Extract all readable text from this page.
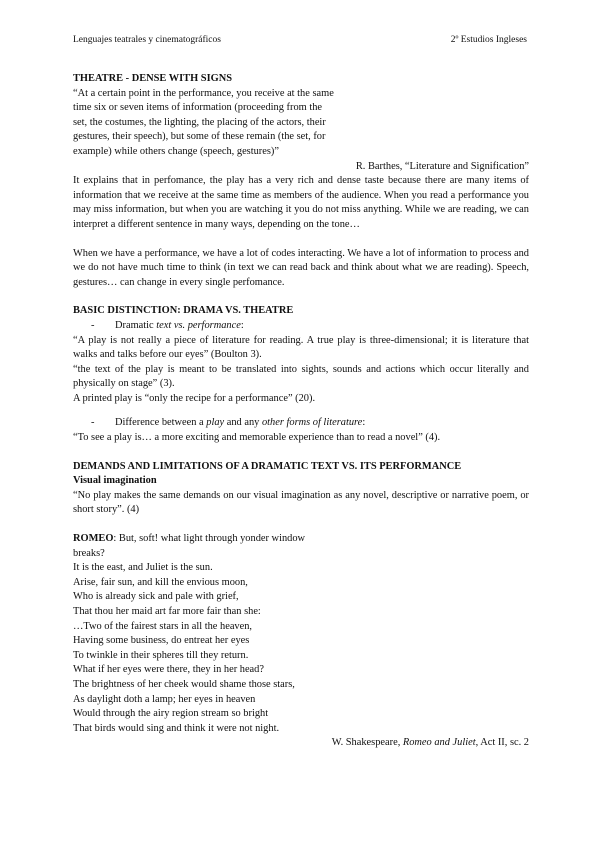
Lenguajes teatrales y cinematográficos	2º Estudios Ingleses

THEATRE - DENSE WITH SIGNS

“At a certain point in the performance, you receive at the same time six or seven items of information (proceeding from the set, the costumes, the lighting, the placing of the actors, their gestures, their speech), but some of these remain (the set, for example) while others change (speech, gestures)”

R. Barthes, “Literature and Signification”

It explains that in perfomance, the play has a very rich and dense taste because there are many items of information that we receive at the same time as members of the audience. When you read a performance you may miss information, but when you are watching it you do not miss anything. While we are reading, we can interpret a different sentence in many ways, depending on the tone…

When we have a performance, we have a lot of codes interacting. We have a lot of information to process and we do not have much time to think (in text we can read back and think about what we are reading). Speech, gestures… can change in every single perfomance.

BASIC DISTINCTION: DRAMA VS. THEATRE

- Dramatic text vs. performance:

“A play is not really a piece of literature for reading. A true play is three-dimensional; it is literature that walks and talks before our eyes” (Boulton 3).

“the text of the play is meant to be translated into sights, sounds and actions which occur literally and physically on stage” (3).

A printed play is “only the recipe for a performance” (20).

- Difference between a play and any other forms of literature:

“To see a play is… a more exciting and memorable experience than to read a novel” (4).

DEMANDS AND LIMITATIONS OF A DRAMATIC TEXT VS. ITS PERFORMANCE

Visual imagination

“No play makes the same demands on our visual imagination as any novel, descriptive or narrative poem, or short story”. (4)

ROMEO: But, soft! what light through yonder window

breaks?

It is the east, and Juliet is the sun.

Arise, fair sun, and kill the envious moon,

Who is already sick and pale with grief,

That thou her maid art far more fair than she:

…Two of the fairest stars in all the heaven,

Having some business, do entreat her eyes

To twinkle in their spheres till they return.

What if her eyes were there, they in her head?

The brightness of her cheek would shame those stars,

As daylight doth a lamp; her eyes in heaven

Would through the airy region stream so bright

That birds would sing and think it were not night.

W. Shakespeare, Romeo and Juliet, Act II, sc. 2
